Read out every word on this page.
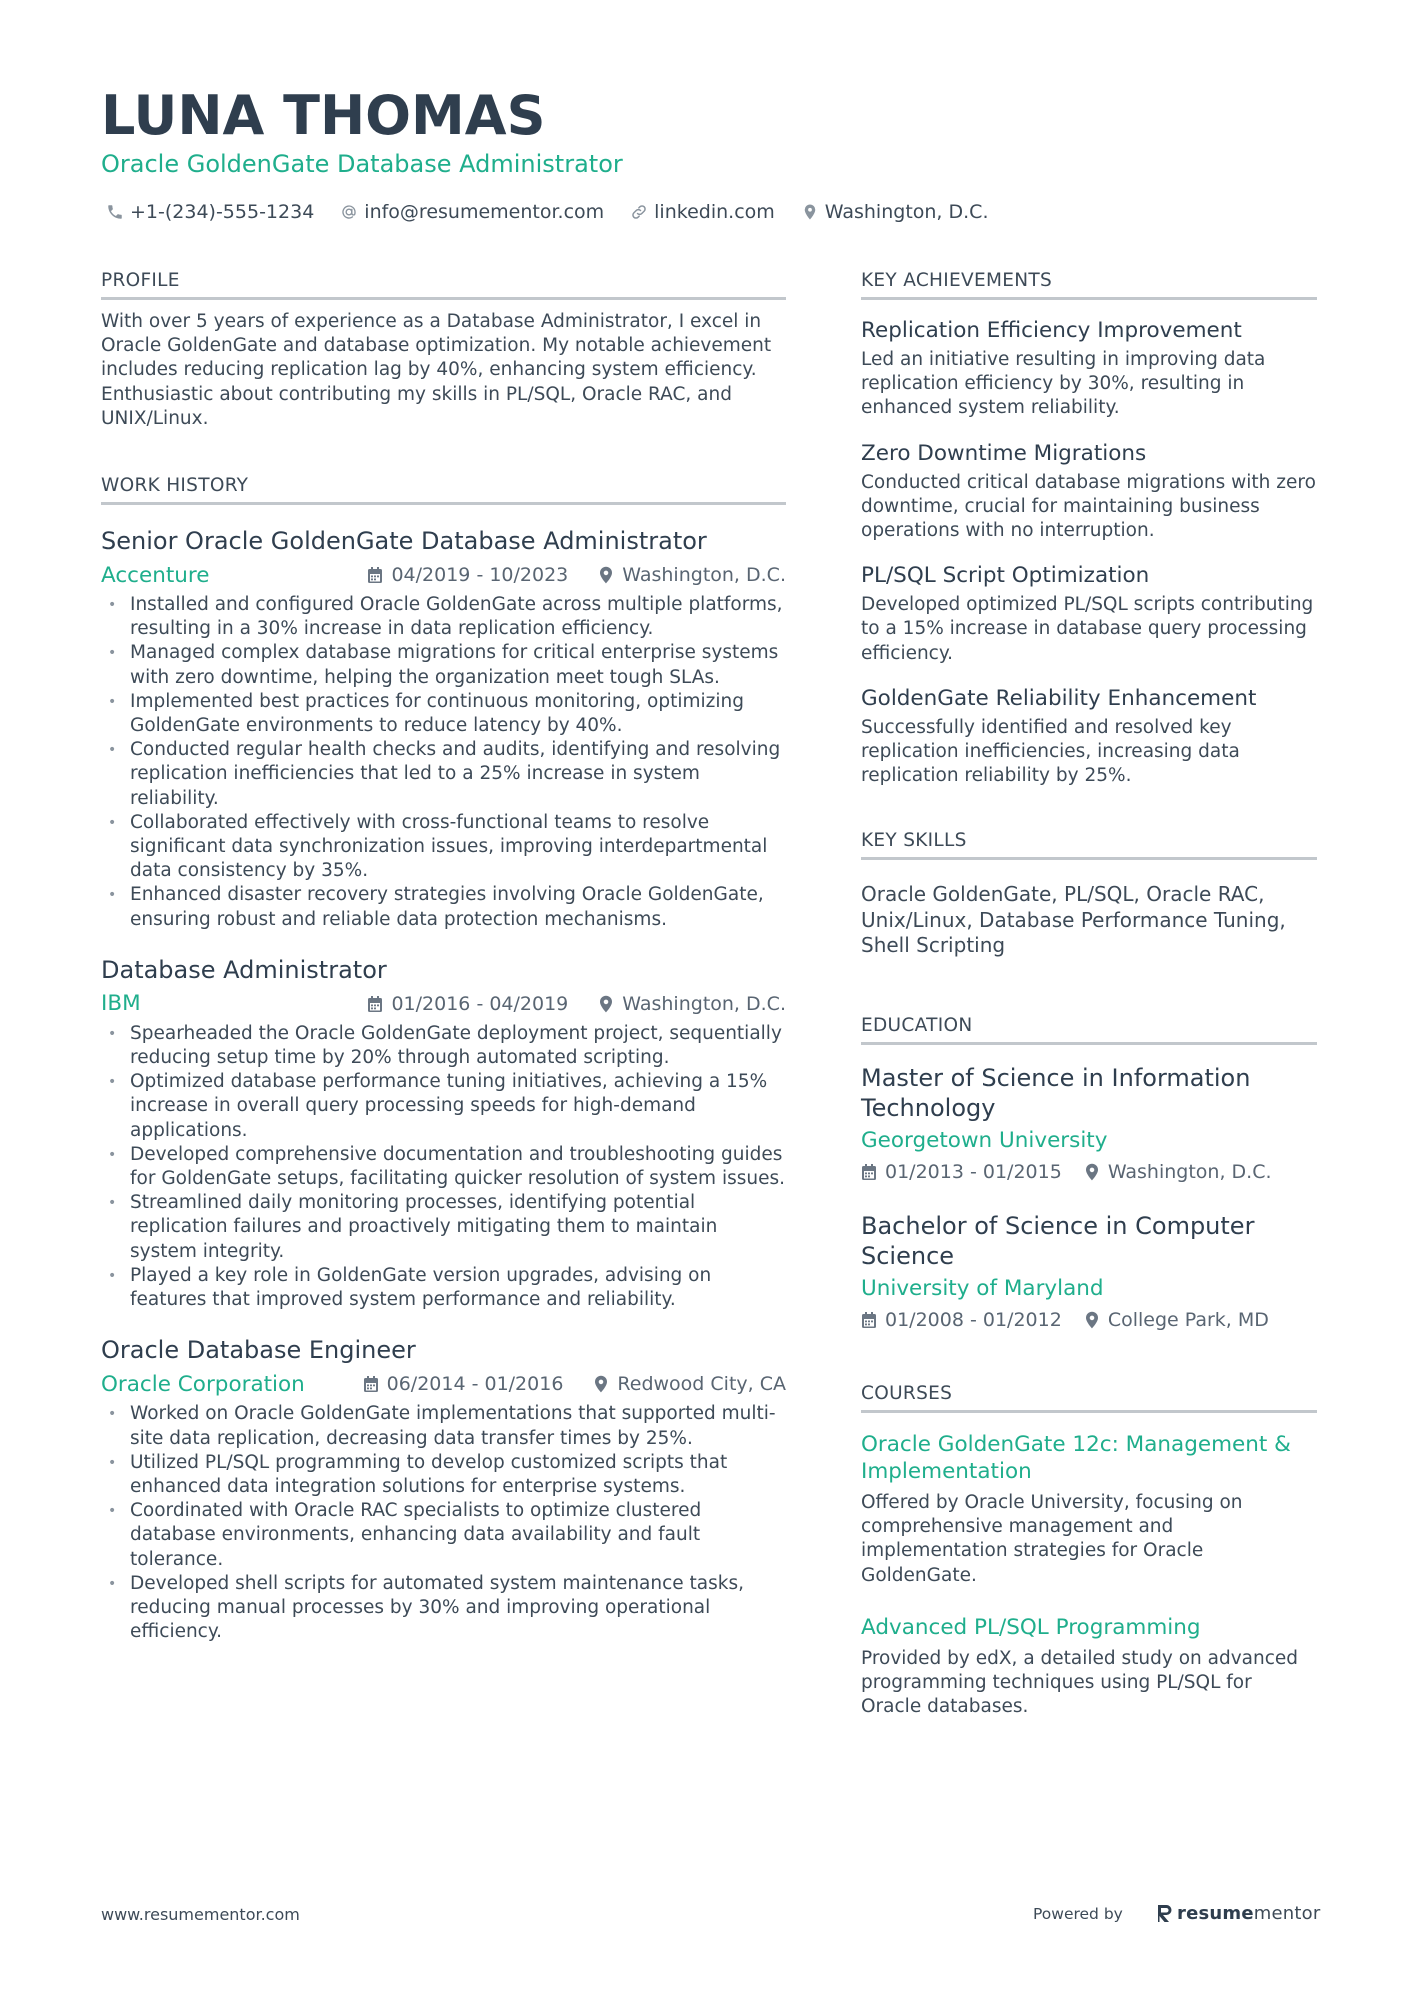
LUNA THOMAS
Oracle GoldenGate Database Administrator
+1-(234)-555-1234	info@resumementor.com	linkedin.com	Washington, D.C.
PROFILE

With over 5 years of experience as a Database Administrator, I excel in Oracle GoldenGate and database optimization. My notable achievement includes reducing replication lag by 40%, enhancing system efficiency. Enthusiastic about contributing my skills in PL/SQL, Oracle RAC, and UNIX/Linux.

WORK HISTORY
Senior Oracle GoldenGate Database Administrator
Accenture	04/2019 - 10/2023	Washington, D.C.
• Installed and configured Oracle GoldenGate across multiple platforms, resulting in a 30% increase in data replication efficiency.
• Managed complex database migrations for critical enterprise systems with zero downtime, helping the organization meet tough SLAs.
• Implemented best practices for continuous monitoring, optimizing GoldenGate environments to reduce latency by 40%.
• Conducted regular health checks and audits, identifying and resolving replication inefficiencies that led to a 25% increase in system reliability.
• Collaborated effectively with cross-functional teams to resolve significant data synchronization issues, improving interdepartmental data consistency by 35%.
• Enhanced disaster recovery strategies involving Oracle GoldenGate, ensuring robust and reliable data protection mechanisms.
Database Administrator
IBM	01/2016 - 04/2019	Washington, D.C.
• Spearheaded the Oracle GoldenGate deployment project, sequentially reducing setup time by 20% through automated scripting.
• Optimized database performance tuning initiatives, achieving a 15% increase in overall query processing speeds for high-demand applications.
• Developed comprehensive documentation and troubleshooting guides for GoldenGate setups, facilitating quicker resolution of system issues.
• Streamlined daily monitoring processes, identifying potential replication failures and proactively mitigating them to maintain system integrity.
• Played a key role in GoldenGate version upgrades, advising on features that improved system performance and reliability.
Oracle Database Engineer
Oracle Corporation	06/2014 - 01/2016	Redwood City, CA
• Worked on Oracle GoldenGate implementations that supported multi-site data replication, decreasing data transfer times by 25%.
• Utilized PL/SQL programming to develop customized scripts that enhanced data integration solutions for enterprise systems.
• Coordinated with Oracle RAC specialists to optimize clustered database environments, enhancing data availability and fault tolerance.
• Developed shell scripts for automated system maintenance tasks, reducing manual processes by 30% and improving operational efficiency.
KEY ACHIEVEMENTS
Replication Efficiency Improvement

Led an initiative resulting in improving data replication efficiency by 30%, resulting in enhanced system reliability.

Zero Downtime Migrations

Conducted critical database migrations with zero downtime, crucial for maintaining business operations with no interruption.

PL/SQL Script Optimization

Developed optimized PL/SQL scripts contributing to a 15% increase in database query processing efficiency.

GoldenGate Reliability Enhancement

Successfully identified and resolved key replication inefficiencies, increasing data replication reliability by 25%.

KEY SKILLS

Oracle GoldenGate, PL/SQL, Oracle RAC, Unix/Linux, Database Performance Tuning, Shell Scripting

EDUCATION
Master of Science in Information Technology
Georgetown University
01/2013 - 01/2015 Washington, D.C.
Bachelor of Science in Computer Science
University of Maryland
01/2008 - 01/2012 College Park, MD
COURSES
Oracle GoldenGate 12c: Management & Implementation

Offered by Oracle University, focusing on comprehensive management and implementation strategies for Oracle GoldenGate.

Advanced PL/SQL Programming

Provided by edX, a detailed study on advanced programming techniques using PL/SQL for Oracle databases.

www.resumementor.com	Powered by	resumementor
